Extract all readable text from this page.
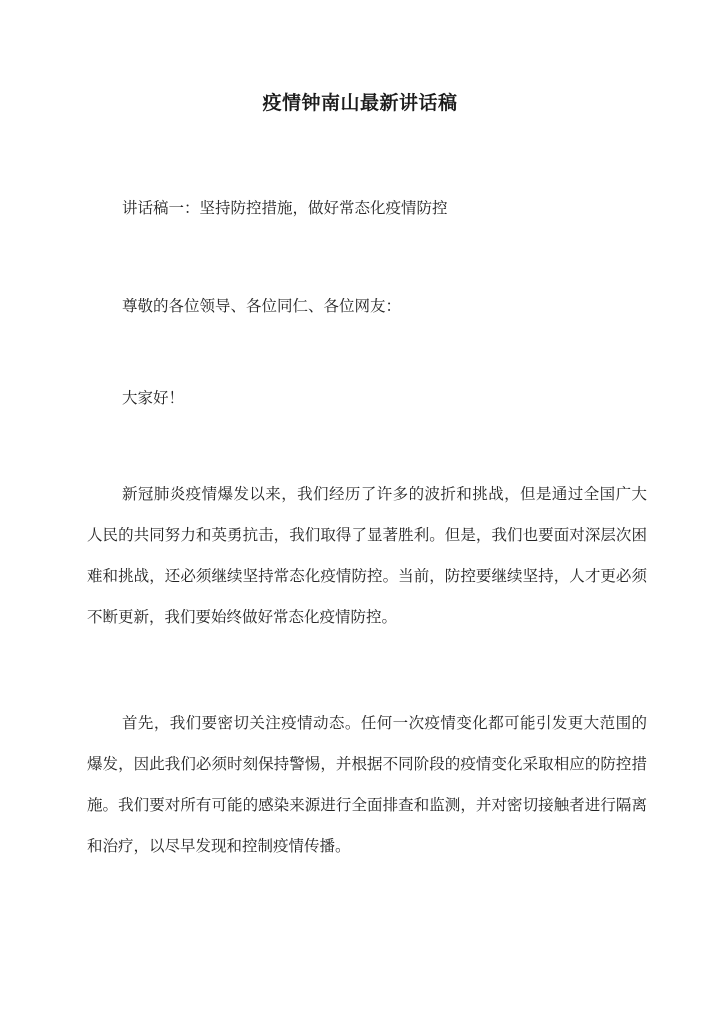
疫情钟南山最新讲话稿

讲话稿一：坚持防控措施，做好常态化疫情防控

尊敬的各位领导、各位同仁、各位网友：

大家好！

新冠肺炎疫情爆发以来，我们经历了许多的波折和挑战，但是通过全国广大人民的共同努力和英勇抗击，我们取得了显著胜利。但是，我们也要面对深层次困难和挑战，还必须继续坚持常态化疫情防控。当前，防控要继续坚持，人才更必须不断更新，我们要始终做好常态化疫情防控。

首先，我们要密切关注疫情动态。任何一次疫情变化都可能引发更大范围的爆发，因此我们必须时刻保持警惕，并根据不同阶段的疫情变化采取相应的防控措施。我们要对所有可能的感染来源进行全面排查和监测，并对密切接触者进行隔离和治疗，以尽早发现和控制疫情传播。
